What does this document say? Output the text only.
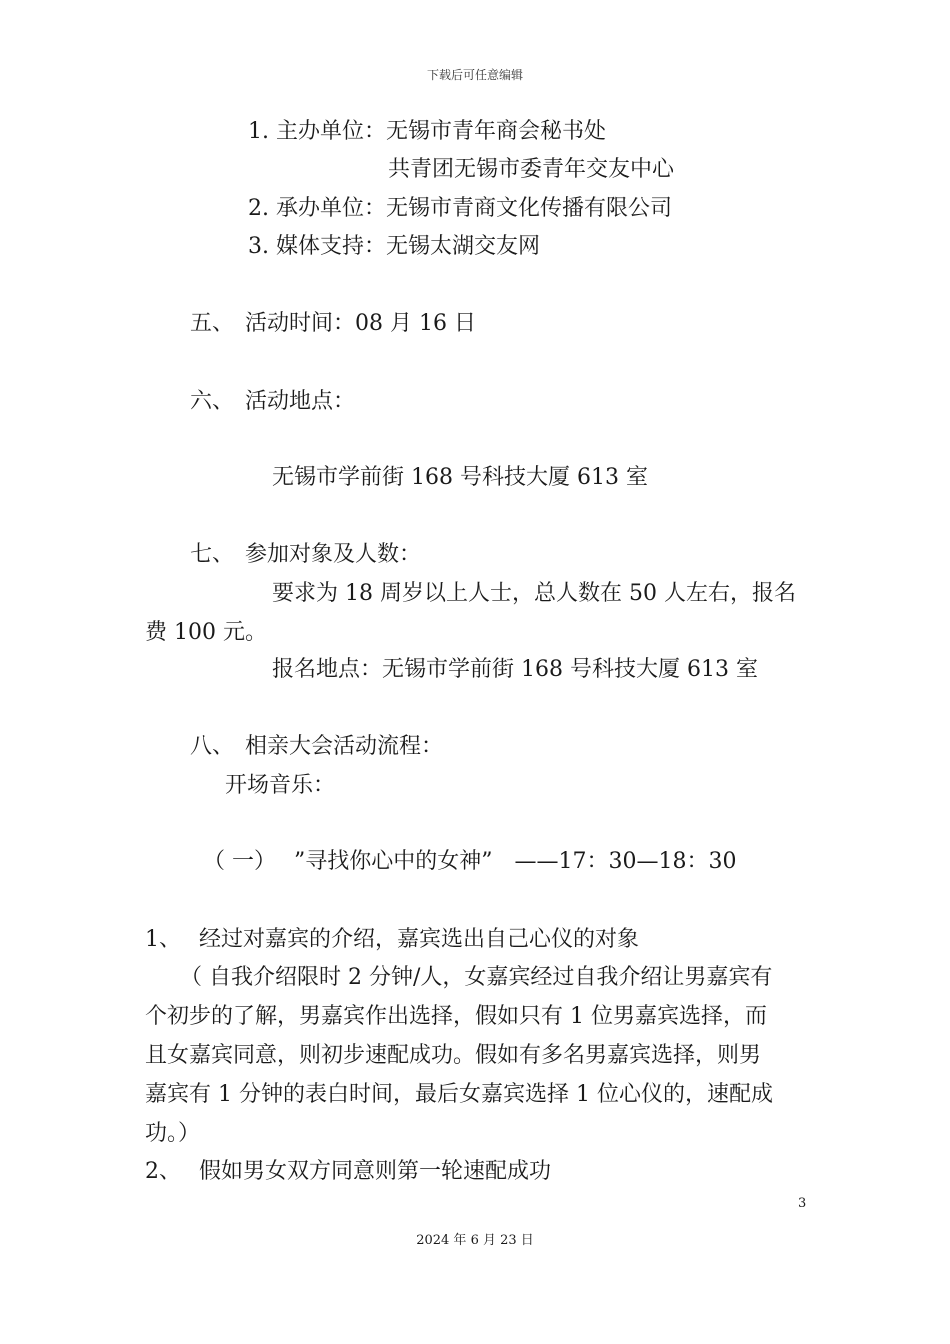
下载后可任意编辑
1. 主办单位：无锡市青年商会秘书处
共青团无锡市委青年交友中心
2. 承办单位：无锡市青商文化传播有限公司
3. 媒体支持：无锡太湖交友网
五、　活动时间：08 月 16 日
六、　活动地点：
无锡市学前街 168 号科技大厦 613 室
七、　参加对象及人数：
要求为 18 周岁以上人士，总人数在 50 人左右，报名
费 100 元。
报名地点：无锡市学前街 168 号科技大厦 613 室
八、　相亲大会活动流程：
开场音乐：
（ 一）　 ”寻找你心中的女神”　——17：30—18：30
1、　 经过对嘉宾的介绍，嘉宾选出自己心仪的对象
（ 自我介绍限时 2 分钟/人，女嘉宾经过自我介绍让男嘉宾有
个初步的了解，男嘉宾作出选择，假如只有 1 位男嘉宾选择，而
且女嘉宾同意，则初步速配成功。假如有多名男嘉宾选择，则男
嘉宾有 1 分钟的表白时间，最后女嘉宾选择 1 位心仪的，速配成
功。）
2、　 假如男女双方同意则第一轮速配成功
3
2024 年 6 月 23 日
